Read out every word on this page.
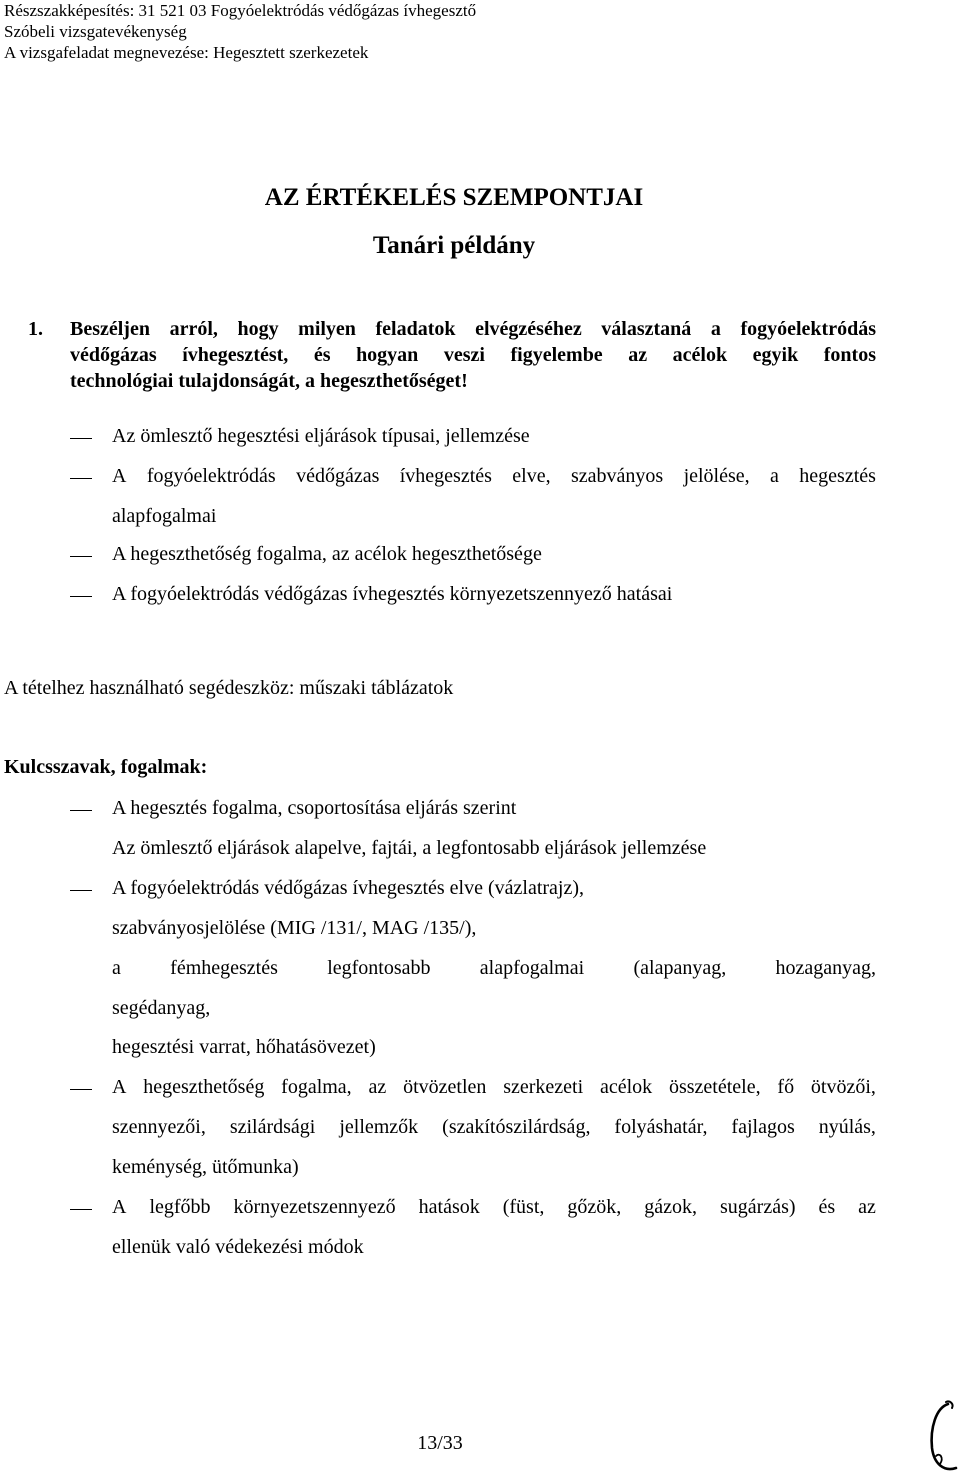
Részszakképesítés: 31 521 03 Fogyóelektródás védőgázas ívhegesztő
Szóbeli vizsgatevékenység
A vizsgafeladat megnevezése: Hegesztett szerkezetek
AZ ÉRTÉKELÉS SZEMPONTJAI
Tanári példány
1. Beszéljen arról, hogy milyen feladatok elvégzéséhez választaná a fogyóelektródás
védőgázas ívhegesztést, és hogyan veszi figyelembe az acélok egyik fontos
technológiai tulajdonságát, a hegeszthetőséget!
Az ömlesztő hegesztési eljárások típusai, jellemzése
A fogyóelektródás védőgázas ívhegesztés elve, szabványos jelölése, a hegesztés
alapfogalmai
A hegeszthetőség fogalma, az acélok hegeszthetősége
A fogyóelektródás védőgázas ívhegesztés környezetszennyező hatásai
A tételhez használható segédeszköz: műszaki táblázatok
Kulcsszavak, fogalmak:
A hegesztés fogalma, csoportosítása eljárás szerint
Az ömlesztő eljárások alapelve, fajtái, a legfontosabb eljárások jellemzése
A fogyóelektródás védőgázas ívhegesztés elve (vázlatrajz),
szabványosjelölése (MIG /131/, MAG /135/),
a fémhegesztés legfontosabb alapfogalmai (alapanyag, hozaganyag,
segédanyag,
hegesztési varrat, hőhatásövezet)
A hegeszthetőség fogalma, az ötvözetlen szerkezeti acélok összetétele, fő ötvözői,
szennyezői, szilárdsági jellemzők (szakítószilárdság, folyáshatár, fajlagos nyúlás,
keménység, ütőmunka)
A legfőbb környezetszennyező hatások (füst, gőzök, gázok, sugárzás) és az
ellenük való védekezési módok
13/33
